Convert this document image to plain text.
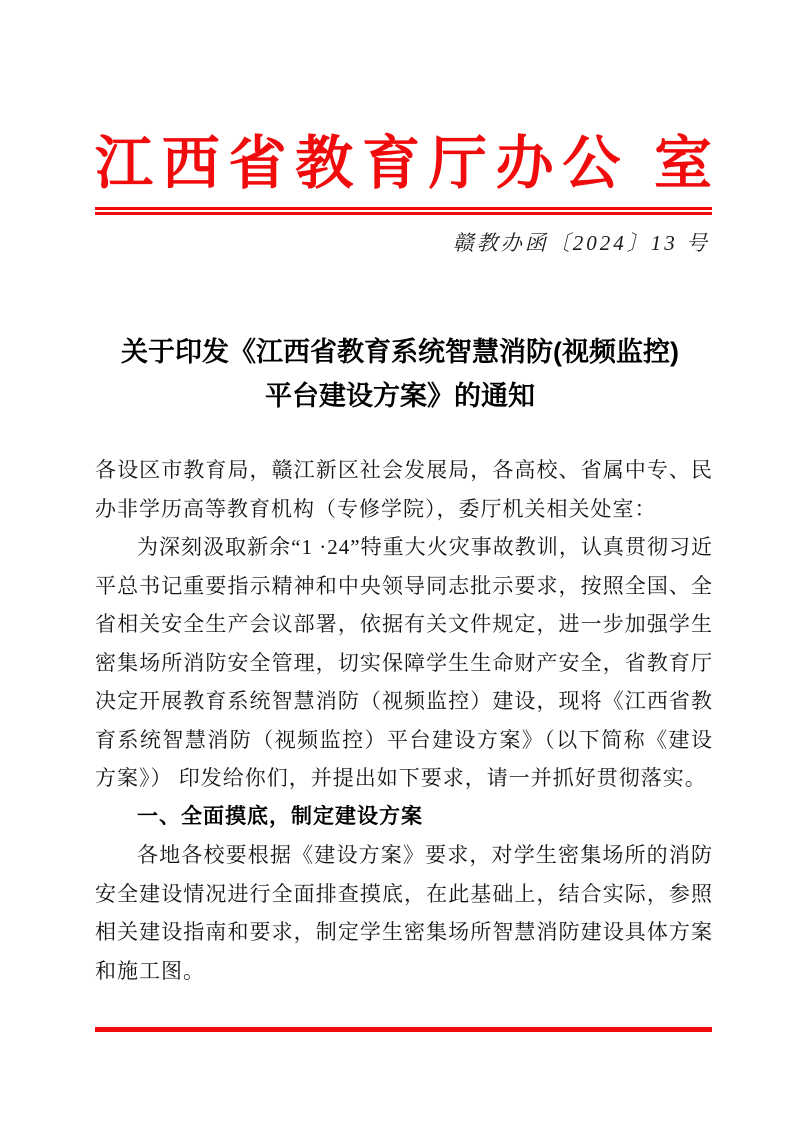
江西省教育厅办公 室
赣教办函〔2024〕13 号
关于印发《江西省教育系统智慧消防(视频监控)
平台建设方案》的通知

各设区市教育局，赣江新区社会发展局，各高校、省属中专、民办非学历高等教育机构（专修学院），委厅机关相关处室：

为深刻汲取新余“1 ·24”特重大火灾事故教训，认真贯彻习近平总书记重要指示精神和中央领导同志批示要求，按照全国、全省相关安全生产会议部署，依据有关文件规定，进一步加强学生密集场所消防安全管理，切实保障学生生命财产安全，省教育厅决定开展教育系统智慧消防（视频监控）建设，现将《江西省教育系统智慧消防（视频监控）平台建设方案》（以下简称《建设方案》） 印发给你们，并提出如下要求，请一并抓好贯彻落实。

一、全面摸底，制定建设方案

各地各校要根据《建设方案》要求，对学生密集场所的消防安全建设情况进行全面排查摸底，在此基础上，结合实际，参照相关建设指南和要求，制定学生密集场所智慧消防建设具体方案和施工图。
